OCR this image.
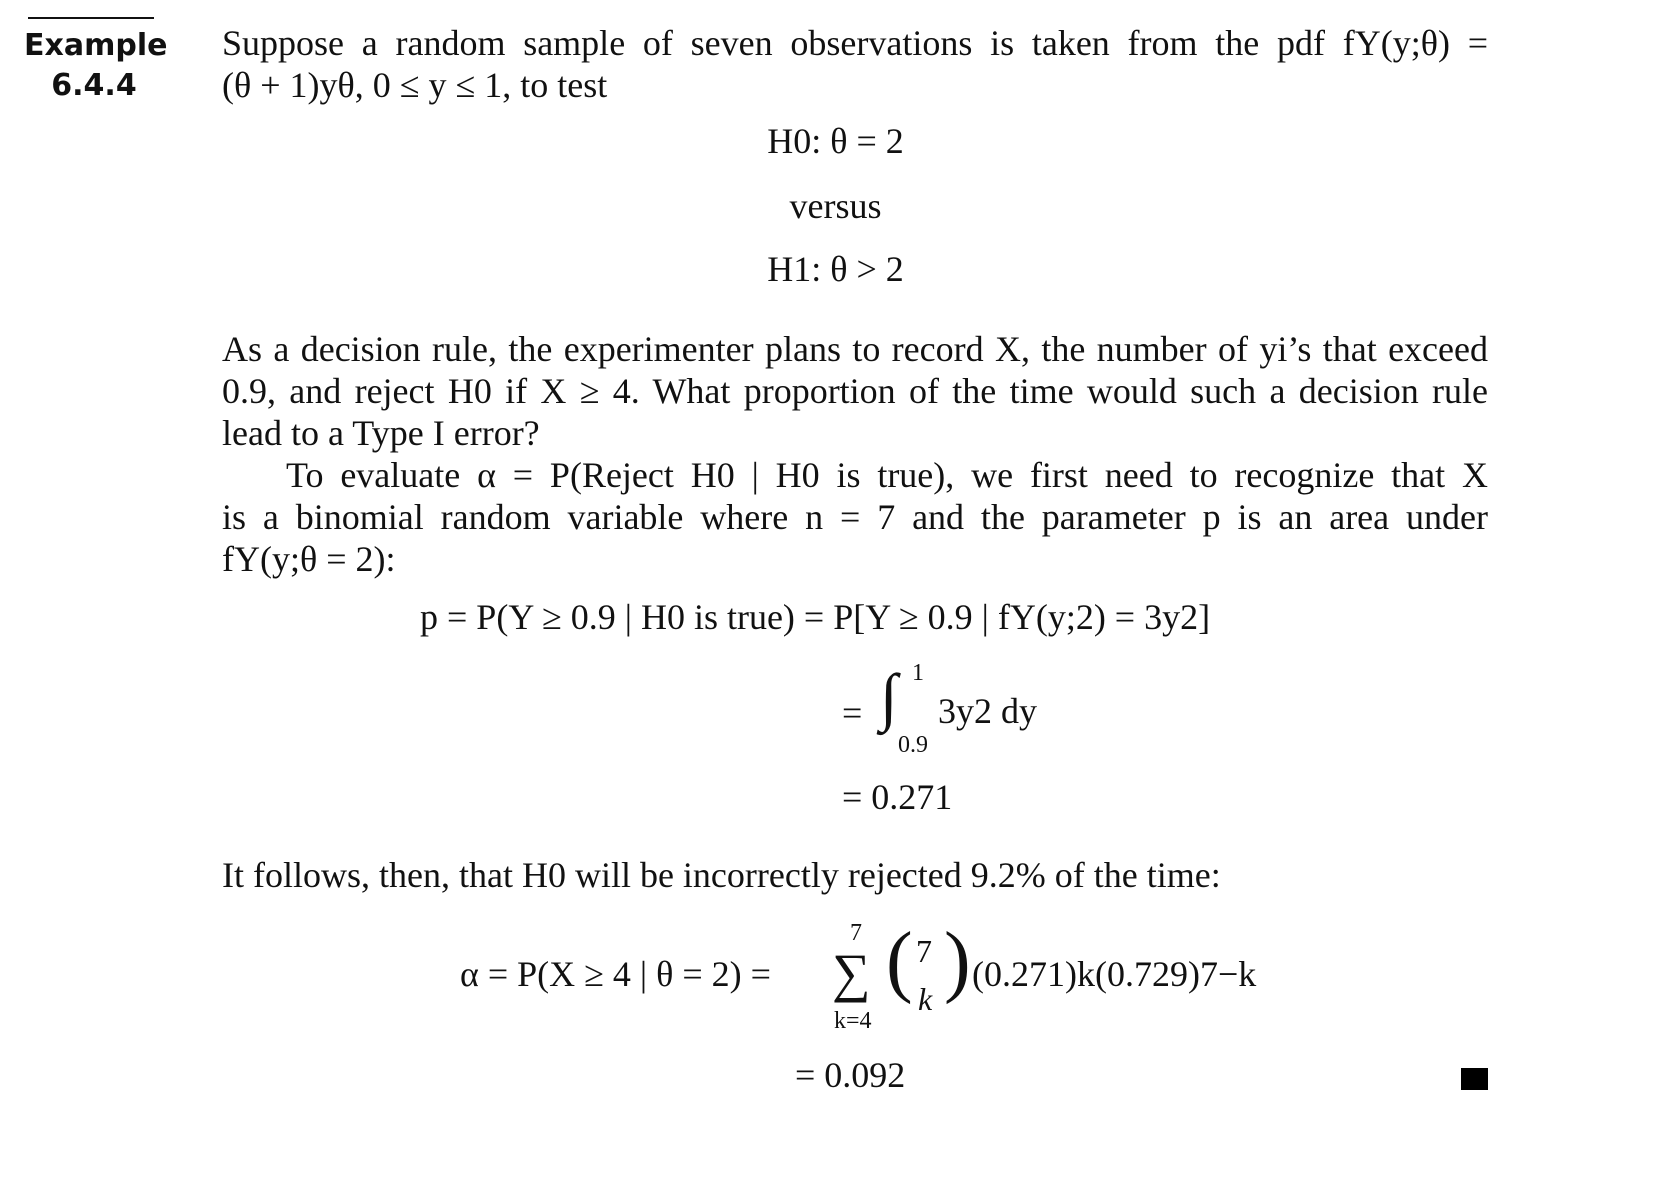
Example
6.4.4
Suppose a random sample of seven observations is taken from the pdf fY(y;θ) =
(θ + 1)yθ, 0 ≤ y ≤ 1, to test
H0: θ = 2
versus
H1: θ > 2
As a decision rule, the experimenter plans to record X, the number of yi’s that exceed
0.9, and reject H0 if X ≥ 4. What proportion of the time would such a decision rule
lead to a Type I error?
To evaluate α = P(Reject H0 | H0 is true), we first need to recognize that X
is a binomial random variable where n = 7 and the parameter p is an area under
fY(y;θ = 2):
p = P(Y ≥ 0.9 | H0 is true) = P[Y ≥ 0.9 | fY(y;2) = 3y2]
= ∫ 1
0.9
3y2 dy
= 0.271
It follows, then, that H0 will be incorrectly rejected 9.2% of the time:
α = P(X ≥ 4 | θ = 2) =
7
∑
k=4
( 7
k ) (0.271)k(0.729)7−k
= 0.092
